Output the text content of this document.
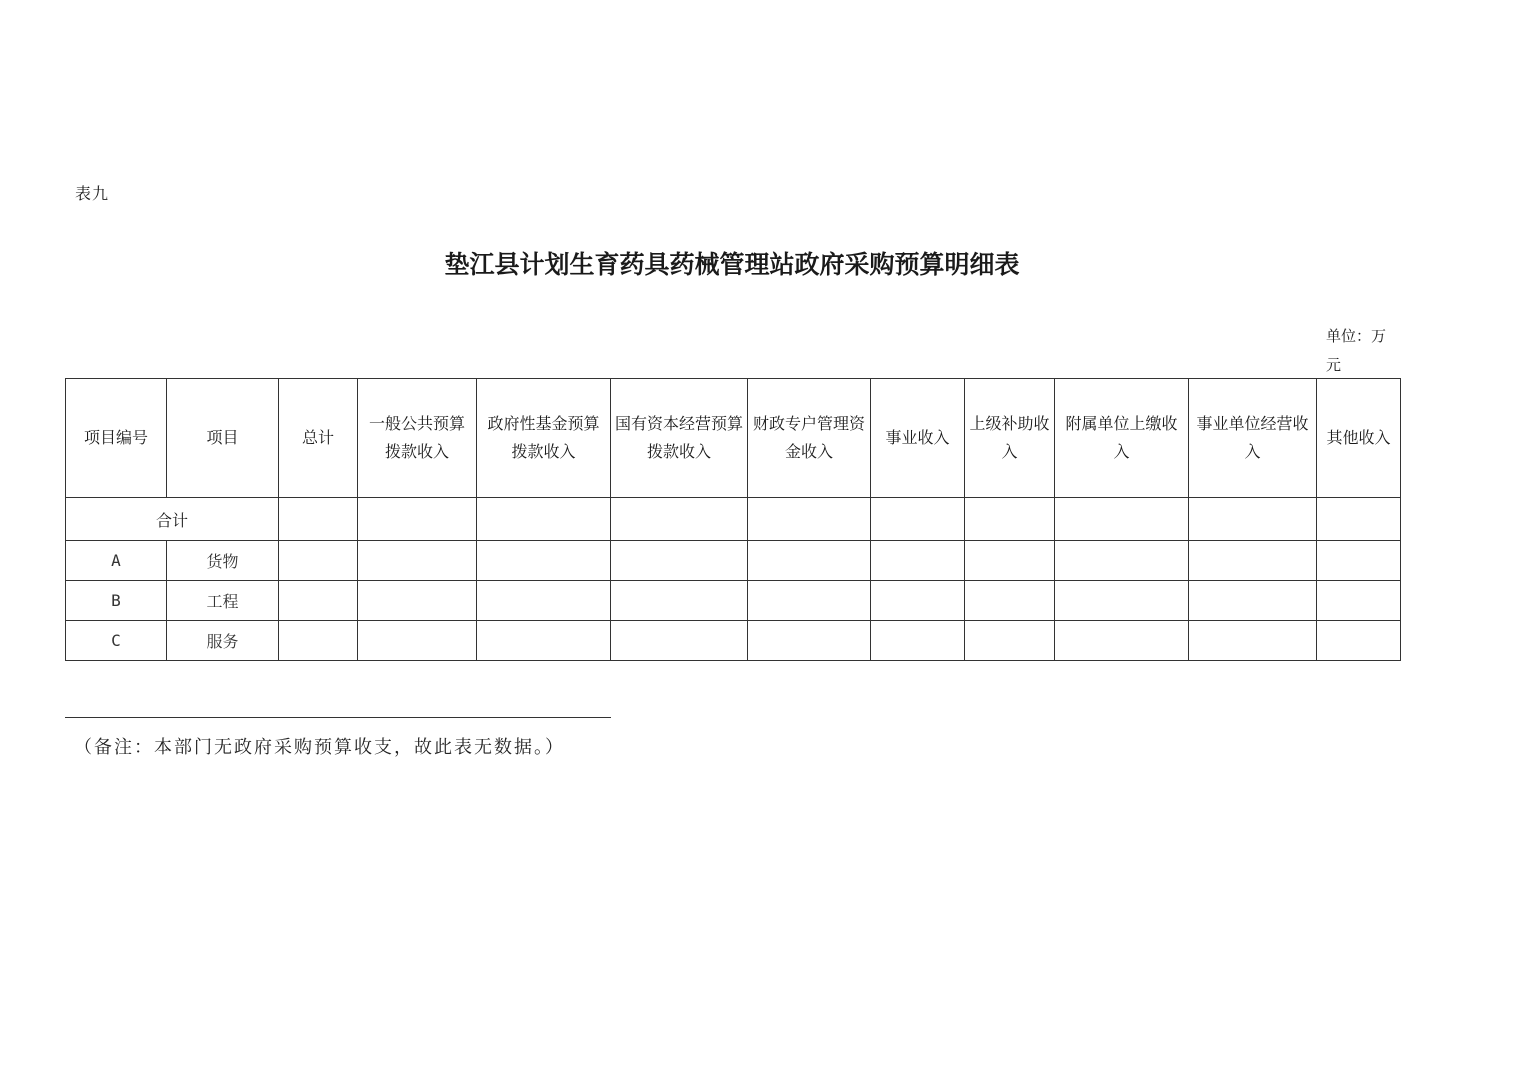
表九
垫江县计划生育药具药械管理站政府采购预算明细表
单位：万元
项目编号	项目	总计	一般公共预算拨款收入	政府性基金预算拨款收入	国有资本经营预算拨款收入	财政专户管理资金收入	事业收入	上级补助收入	附属单位上缴收入	事业单位经营收入	其他收入
合计											
A	货物										
B	工程										
C	服务										
（备注：本部门无政府采购预算收支，故此表无数据。）
